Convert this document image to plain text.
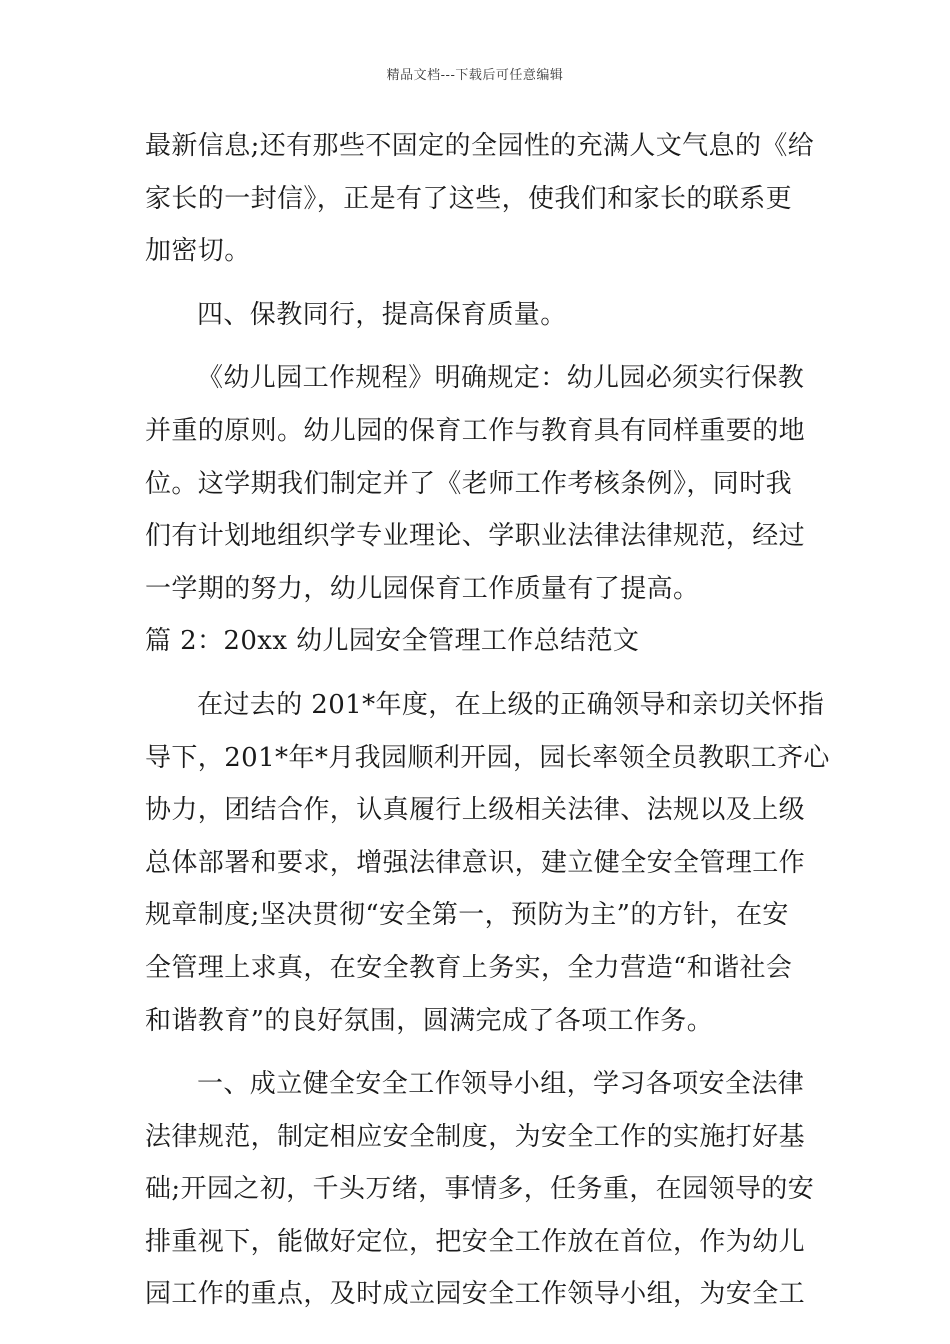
精品文档---下载后可任意编辑
最新信息;还有那些不固定的全园性的充满人文气息的《给
家长的一封信》，正是有了这些，使我们和家长的联系更
加密切。
四、保教同行，提高保育质量。
《幼儿园工作规程》明确规定：幼儿园必须实行保教
并重的原则。幼儿园的保育工作与教育具有同样重要的地
位。这学期我们制定并了《老师工作考核条例》，同时我
们有计划地组织学专业理论、学职业法律法律规范，经过
一学期的努力，幼儿园保育工作质量有了提高。
篇 2：20xx 幼儿园安全管理工作总结范文
在过去的 201*年度，在上级的正确领导和亲切关怀指
导下，201*年*月我园顺利开园，园长率领全员教职工齐心
协力，团结合作，认真履行上级相关法律、法规以及上级
总体部署和要求，增强法律意识，建立健全安全管理工作
规章制度;坚决贯彻“安全第一，预防为主”的方针，在安
全管理上求真，在安全教育上务实，全力营造“和谐社会
和谐教育”的良好氛围，圆满完成了各项工作务。
一、成立健全安全工作领导小组，学习各项安全法律
法律规范，制定相应安全制度，为安全工作的实施打好基
础;开园之初，千头万绪，事情多，任务重，在园领导的安
排重视下，能做好定位，把安全工作放在首位，作为幼儿
园工作的重点，及时成立园安全工作领导小组，为安全工
